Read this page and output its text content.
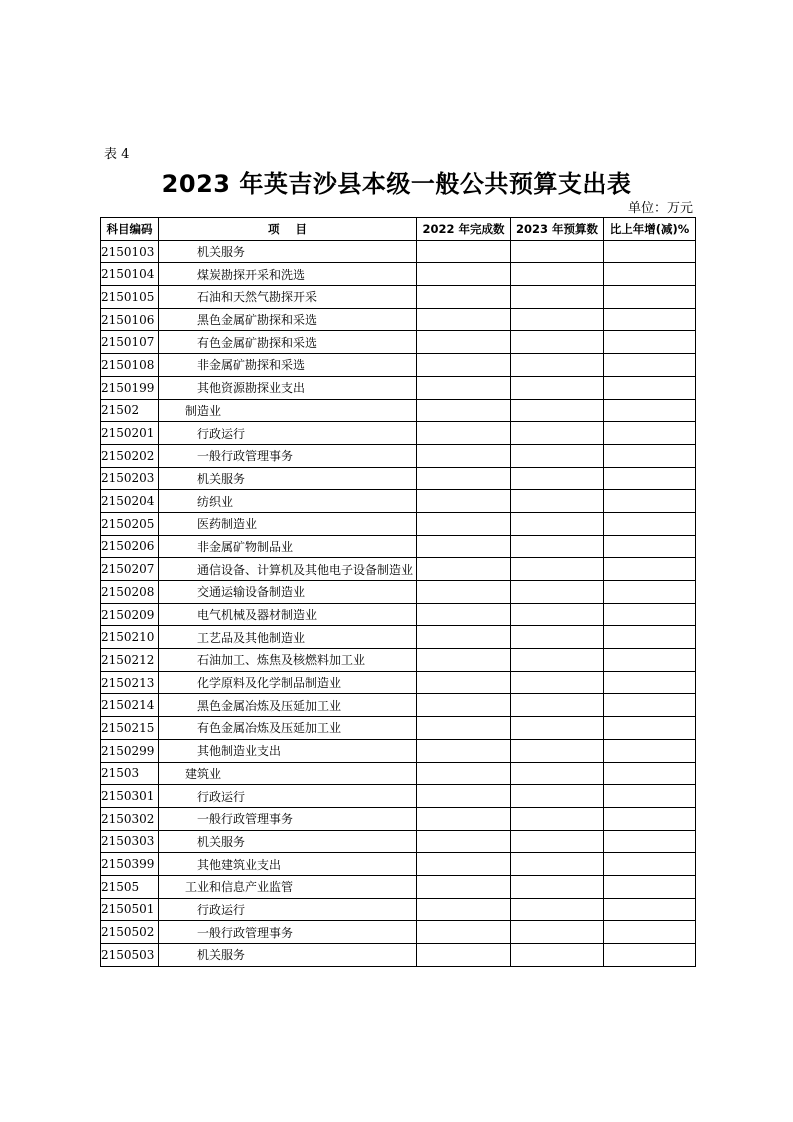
表 4
2023 年英吉沙县本级一般公共预算支出表
单位：万元
科目编码	项    目	2022 年完成数	2023 年预算数	比上年增(减)%
2150103	机关服务			
2150104	煤炭勘探开采和洗选			
2150105	石油和天然气勘探开采			
2150106	黑色金属矿勘探和采选			
2150107	有色金属矿勘探和采选			
2150108	非金属矿勘探和采选			
2150199	其他资源勘探业支出			
21502	制造业			
2150201	行政运行			
2150202	一般行政管理事务			
2150203	机关服务			
2150204	纺织业			
2150205	医药制造业			
2150206	非金属矿物制品业			
2150207	通信设备、计算机及其他电子设备制造业			
2150208	交通运输设备制造业			
2150209	电气机械及器材制造业			
2150210	工艺品及其他制造业			
2150212	石油加工、炼焦及核燃料加工业			
2150213	化学原料及化学制品制造业			
2150214	黑色金属冶炼及压延加工业			
2150215	有色金属冶炼及压延加工业			
2150299	其他制造业支出			
21503	建筑业			
2150301	行政运行			
2150302	一般行政管理事务			
2150303	机关服务			
2150399	其他建筑业支出			
21505	工业和信息产业监管			
2150501	行政运行			
2150502	一般行政管理事务			
2150503	机关服务			
